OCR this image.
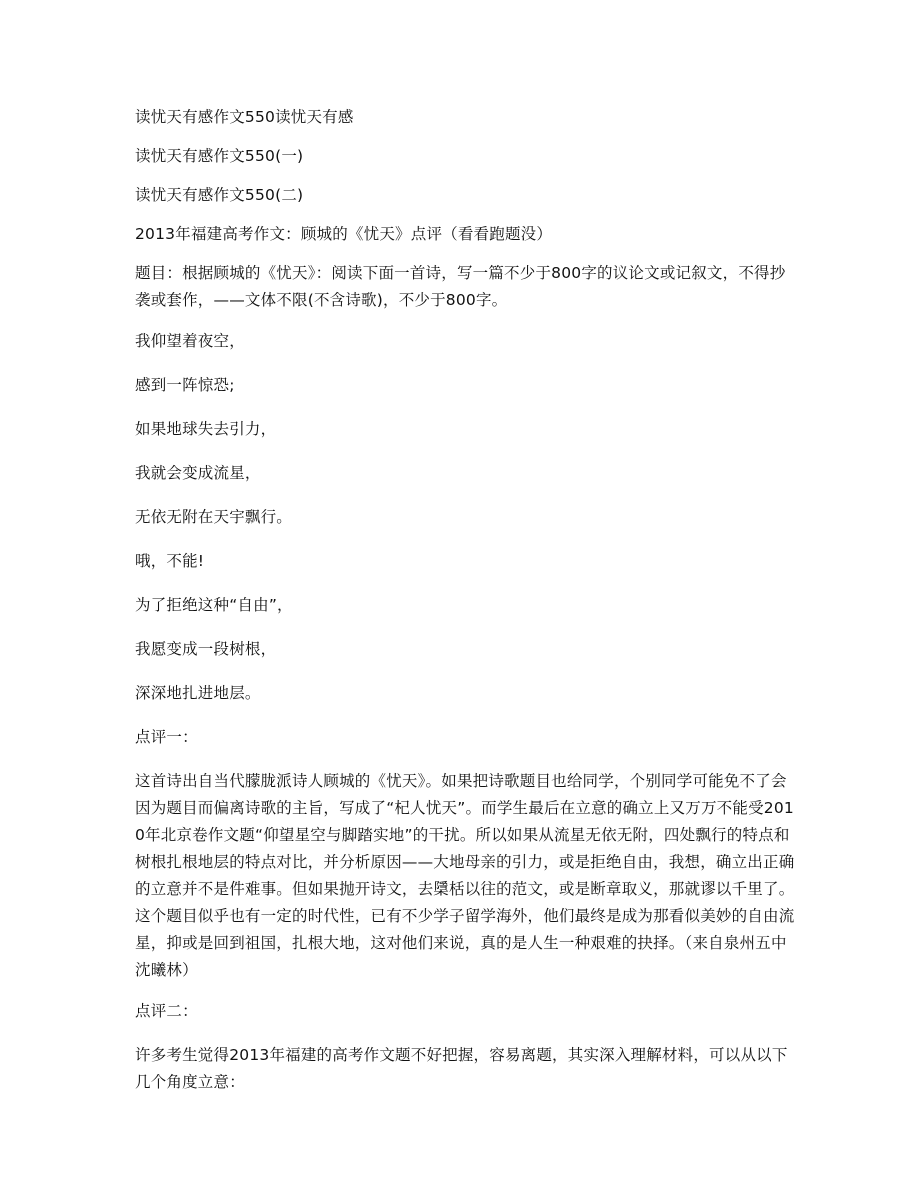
读忧天有感作文550读忧天有感

读忧天有感作文550(一)

读忧天有感作文550(二)

2013年福建高考作文：顾城的《忧天》点评（看看跑题没）

题目：根据顾城的《忧天》：阅读下面一首诗，写一篇不少于800字的议论文或记叙文，不得抄袭或套作，——文体不限(不含诗歌)，不少于800字。

我仰望着夜空，

感到一阵惊恐;

如果地球失去引力，

我就会变成流星，

无依无附在天宇飘行。

哦，不能!

为了拒绝这种“自由”，

我愿变成一段树根，

深深地扎进地层。

点评一：

这首诗出自当代朦胧派诗人顾城的《忧天》。如果把诗歌题目也给同学，个别同学可能免不了会因为题目而偏离诗歌的主旨，写成了“杞人忧天”。而学生最后在立意的确立上又万万不能受2010年北京卷作文题“仰望星空与脚踏实地”的干扰。所以如果从流星无依无附，四处飘行的特点和树根扎根地层的特点对比，并分析原因——大地母亲的引力，或是拒绝自由，我想，确立出正确的立意并不是件难事。但如果抛开诗文，去檃栝以往的范文，或是断章取义，那就谬以千里了。这个题目似乎也有一定的时代性，已有不少学子留学海外，他们最终是成为那看似美妙的自由流星，抑或是回到祖国，扎根大地，这对他们来说，真的是人生一种艰难的抉择。（来自泉州五中沈曦林）

点评二：

许多考生觉得2013年福建的高考作文题不好把握，容易离题，其实深入理解材料，可以从以下几个角度立意：
